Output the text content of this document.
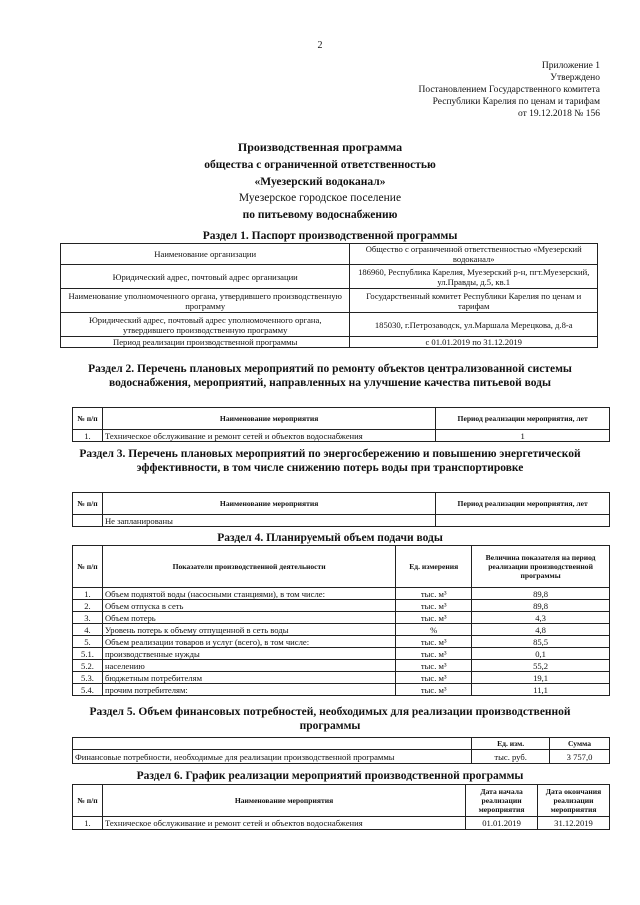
2
Приложение 1
Утверждено
Постановлением Государственного комитета
Республики Карелия по ценам и тарифам
от 19.12.2018 № 156
Производственная программа
общества с ограниченной ответственностью
«Муезерский водоканал»
Муезерское городское поселение
по питьевому водоснабжению
Раздел 1. Паспорт производственной программы
Наименование организации	Общество с ограниченной ответственностью «Муезерский водоканал»
Юридический адрес, почтовый адрес организации	186960, Республика Карелия, Муезерский р-н, пгт.Муезерский, ул.Правды, д.5, кв.1
Наименование уполномоченного органа, утвердившего производственную программу	Государственный комитет Республики Карелия по ценам и тарифам
Юридический адрес, почтовый адрес уполномоченного органа, утвердившего производственную программу	185030, г.Петрозаводск, ул.Маршала Мерецкова, д.8-а
Период реализации производственной программы	с 01.01.2019 по 31.12.2019
Раздел 2. Перечень плановых мероприятий по ремонту объектов централизованной системы водоснабжения, мероприятий, направленных на улучшение качества питьевой воды
№ п/п	Наименование мероприятия	Период реализации мероприятия, лет
1.	Техническое обслуживание и ремонт сетей и объектов водоснабжения	1
Раздел 3. Перечень плановых мероприятий по энергосбережению и повышению энергетической эффективности, в том числе снижению потерь воды при транспортировке
№ п/п	Наименование мероприятия	Период реализации мероприятия, лет
	Не запланированы	
Раздел 4. Планируемый объем подачи воды
№ п/п	Показатели производственной деятельности	Ед. измерения	Величина показателя на период реализации производственной программы
1.	Объем поднятой воды (насосными станциями), в том числе:	тыс. м³	89,8
2.	Объем отпуска в сеть	тыс. м³	89,8
3.	Объем потерь	тыс. м³	4,3
4.	Уровень потерь к объему отпущенной в сеть воды	%	4,8
5.	Объем реализации товаров и услуг (всего), в том числе:	тыс. м³	85,5
5.1.	производственные нужды	тыс. м³	0,1
5.2.	населению	тыс. м³	55,2
5.3.	бюджетным потребителям	тыс. м³	19,1
5.4.	прочим потребителям:	тыс. м³	11,1
Раздел 5. Объем финансовых потребностей, необходимых для реализации производственной программы
	Ед. изм.	Сумма
Финансовые потребности, необходимые для реализации производственной программы	тыс. руб.	3 757,0
Раздел 6. График реализации мероприятий производственной программы
№ п/п	Наименование мероприятия	Дата начала реализации мероприятия	Дата окончания реализации мероприятия
1.	Техническое обслуживание и ремонт сетей и объектов водоснабжения	01.01.2019	31.12.2019
